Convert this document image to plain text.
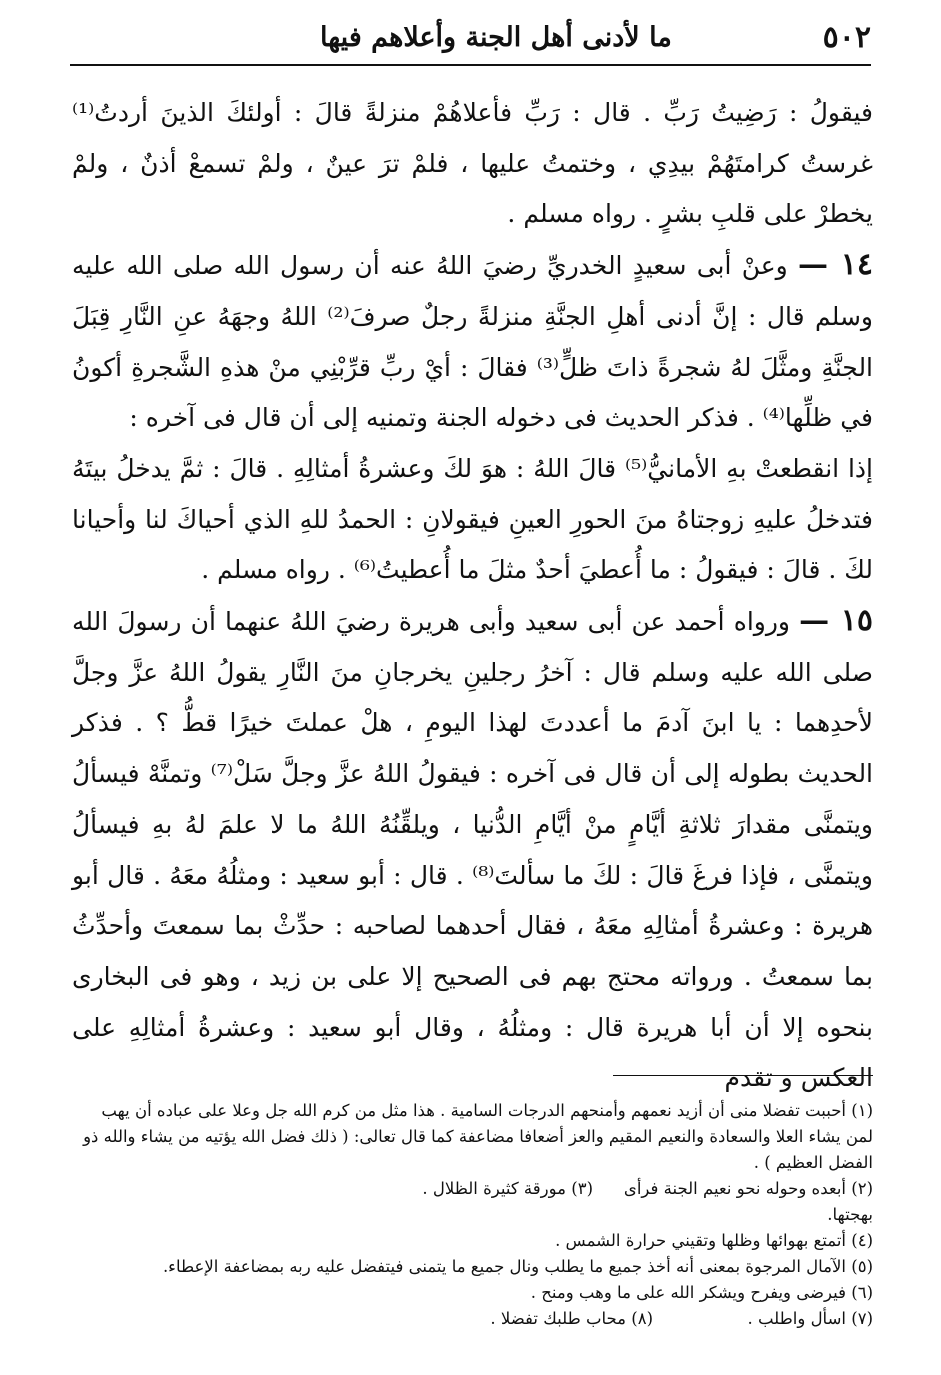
٥٠٢
ما لأدنى أهل الجنة وأعلاهم فيها

فيقولُ : رَضِيتُ رَبِّ . قال : رَبِّ فأعلاهُمْ منزلةً قالَ : أولئكَ الذينَ أردتُ⁽¹⁾ غرستُ كرامتَهُمْ بيدِي ، وختمتُ عليها ، فلمْ ترَ عينٌ ، ولمْ تسمعْ أذنٌ ، ولمْ يخطرْ على قلبِ بشرٍ . رواه مسلم .

١٤ — وعنْ أبى سعيدٍ الخدريِّ رضيَ اللهُ عنه أن رسول الله صلى الله عليه وسلم قال : إنَّ أدنى أهلِ الجنَّةِ منزلةً رجلٌ صرفَ⁽²⁾ اللهُ وجهَهُ عنِ النَّارِ قِبَلَ الجنَّةِ ومثَّلَ لهُ شجرةً ذاتَ ظلٍّ⁽³⁾ فقالَ : أيْ ربِّ قرِّبْنِي منْ هذهِ الشَّجرةِ أكونُ في ظلِّها⁽⁴⁾ . فذكر الحديث فى دخوله الجنة وتمنيه إلى أن قال فى آخره :

إذا انقطعتْ بهِ الأمانيُّ⁽⁵⁾ قالَ اللهُ : هوَ لكَ وعشرةُ أمثالِهِ . قالَ : ثمَّ يدخلُ بيتَهُ فتدخلُ عليهِ زوجتاهُ منَ الحورِ العينِ فيقولانِ : الحمدُ للهِ الذي أحياكَ لنا وأحيانا لكَ . قالَ : فيقولُ : ما أُعطيَ أحدٌ مثلَ ما أُعطيتُ⁽⁶⁾ . رواه مسلم .

١٥ — ورواه أحمد عن أبى سعيد وأبى هريرة رضيَ اللهُ عنهما أن رسولَ الله صلى الله عليه وسلم قال : آخرُ رجلينِ يخرجانِ منَ النَّارِ يقولُ اللهُ عزَّ وجلَّ لأحدِهما : يا ابنَ آدمَ ما أعددتَ لهذا اليومِ ، هلْ عملتَ خيرًا قطُّ ؟ . فذكر الحديث بطوله إلى أن قال فى آخره : فيقولُ اللهُ عزَّ وجلَّ سَلْ⁽⁷⁾ وتمنَّهْ فيسألُ ويتمنَّى مقدارَ ثلاثةِ أيَّامٍ منْ أيَّامِ الدُّنيا ، ويلقِّنُهُ اللهُ ما لا علمَ لهُ بهِ فيسألُ ويتمنَّى ، فإذا فرغَ قالَ : لكَ ما سألتَ⁽⁸⁾ . قال : أبو سعيد : ومثلُهُ معَهُ . قال أبو هريرة : وعشرةُ أمثالِهِ معَهُ ، فقال أحدهما لصاحبه : حدِّثْ بما سمعتَ وأحدِّثُ بما سمعتُ . ورواته محتج بهم فى الصحيح إلا على بن زيد ، وهو فى البخارى بنحوه إلا أن أبا هريرة قال : ومثلُهُ ، وقال أبو سعيد : وعشرةُ أمثالِهِ على العكس و تقدم

(١) أحببت تفضلا منى أن أزيد نعمهم وأمنحهم الدرجات السامية . هذا مثل من كرم الله جل وعلا على عباده أن يهب لمن يشاء العلا والسعادة والنعيم المقيم والعز أضعافا مضاعفة كما قال تعالى: ( ذلك فضل الله يؤتيه من يشاء والله ذو الفضل العظيم ) .

(٢) أبعده وحوله نحو نعيم الجنة فرأى بهجتها.
(٣) مورقة كثيرة الظلال .

(٤) أتمتع بهوائها وظلها وتقيني حرارة الشمس .

(٥) الآمال المرجوة بمعنى أنه أخذ جميع ما يطلب ونال جميع ما يتمنى فيتفضل عليه ربه بمضاعفة الإعطاء.

(٦) فيرضى ويفرح ويشكر الله على ما وهب ومنح .

(٧) اسأل واطلب .
(٨) محاب طلبك تفضلا .
